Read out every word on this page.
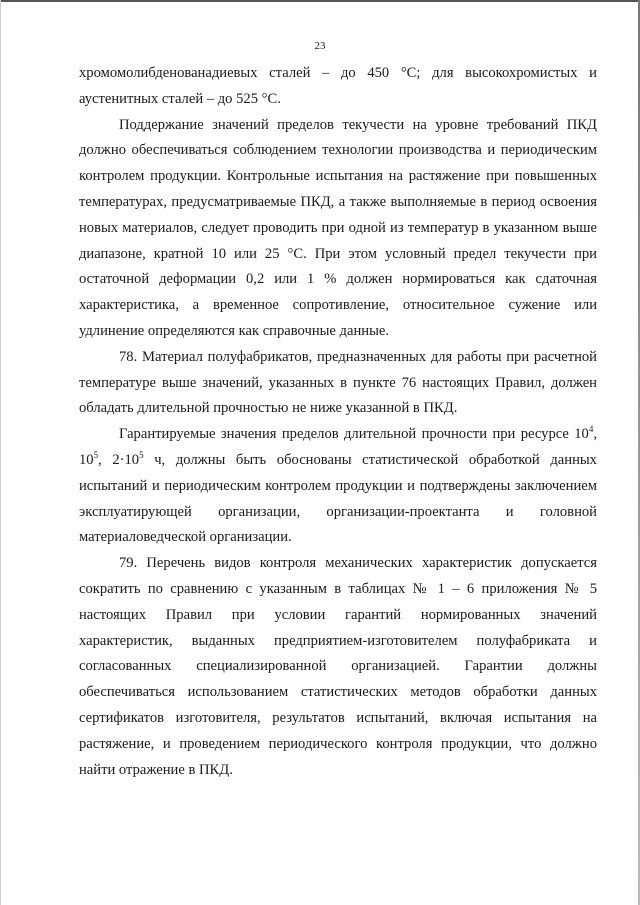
23

хромомолибденованадиевых сталей – до 450 °С; для высокохромистых и аустенитных сталей – до 525 °С.

Поддержание значений пределов текучести на уровне требований ПКД должно обеспечиваться соблюдением технологии производства и периодическим контролем продукции. Контрольные испытания на растяжение при повышенных температурах, предусматриваемые ПКД, а также выполняемые в период освоения новых материалов, следует проводить при одной из температур в указанном выше диапазоне, кратной 10 или 25 °С. При этом условный предел текучести при остаточной деформации 0,2 или 1 % должен нормироваться как сдаточная характеристика, а временное сопротивление, относительное сужение или удлинение определяются как справочные данные.

78. Материал полуфабрикатов, предназначенных для работы при расчетной температуре выше значений, указанных в пункте 76 настоящих Правил, должен обладать длительной прочностью не ниже указанной в ПКД.

Гарантируемые значения пределов длительной прочности при ресурсе $10^4$, $10^5$, $2\cdot 10^5$ ч, должны быть обоснованы статистической обработкой данных испытаний и периодическим контролем продукции и подтверждены заключением эксплуатирующей организации, организации-проектанта и головной материаловедческой организации.

79. Перечень видов контроля механических характеристик допускается сократить по сравнению с указанным в таблицах № 1 – 6 приложения № 5 настоящих Правил при условии гарантий нормированных значений характеристик, выданных предприятием-изготовителем полуфабриката и согласованных специализированной организацией. Гарантии должны обеспечиваться использованием статистических методов обработки данных сертификатов изготовителя, результатов испытаний, включая испытания на растяжение, и проведением периодического контроля продукции, что должно найти отражение в ПКД.
